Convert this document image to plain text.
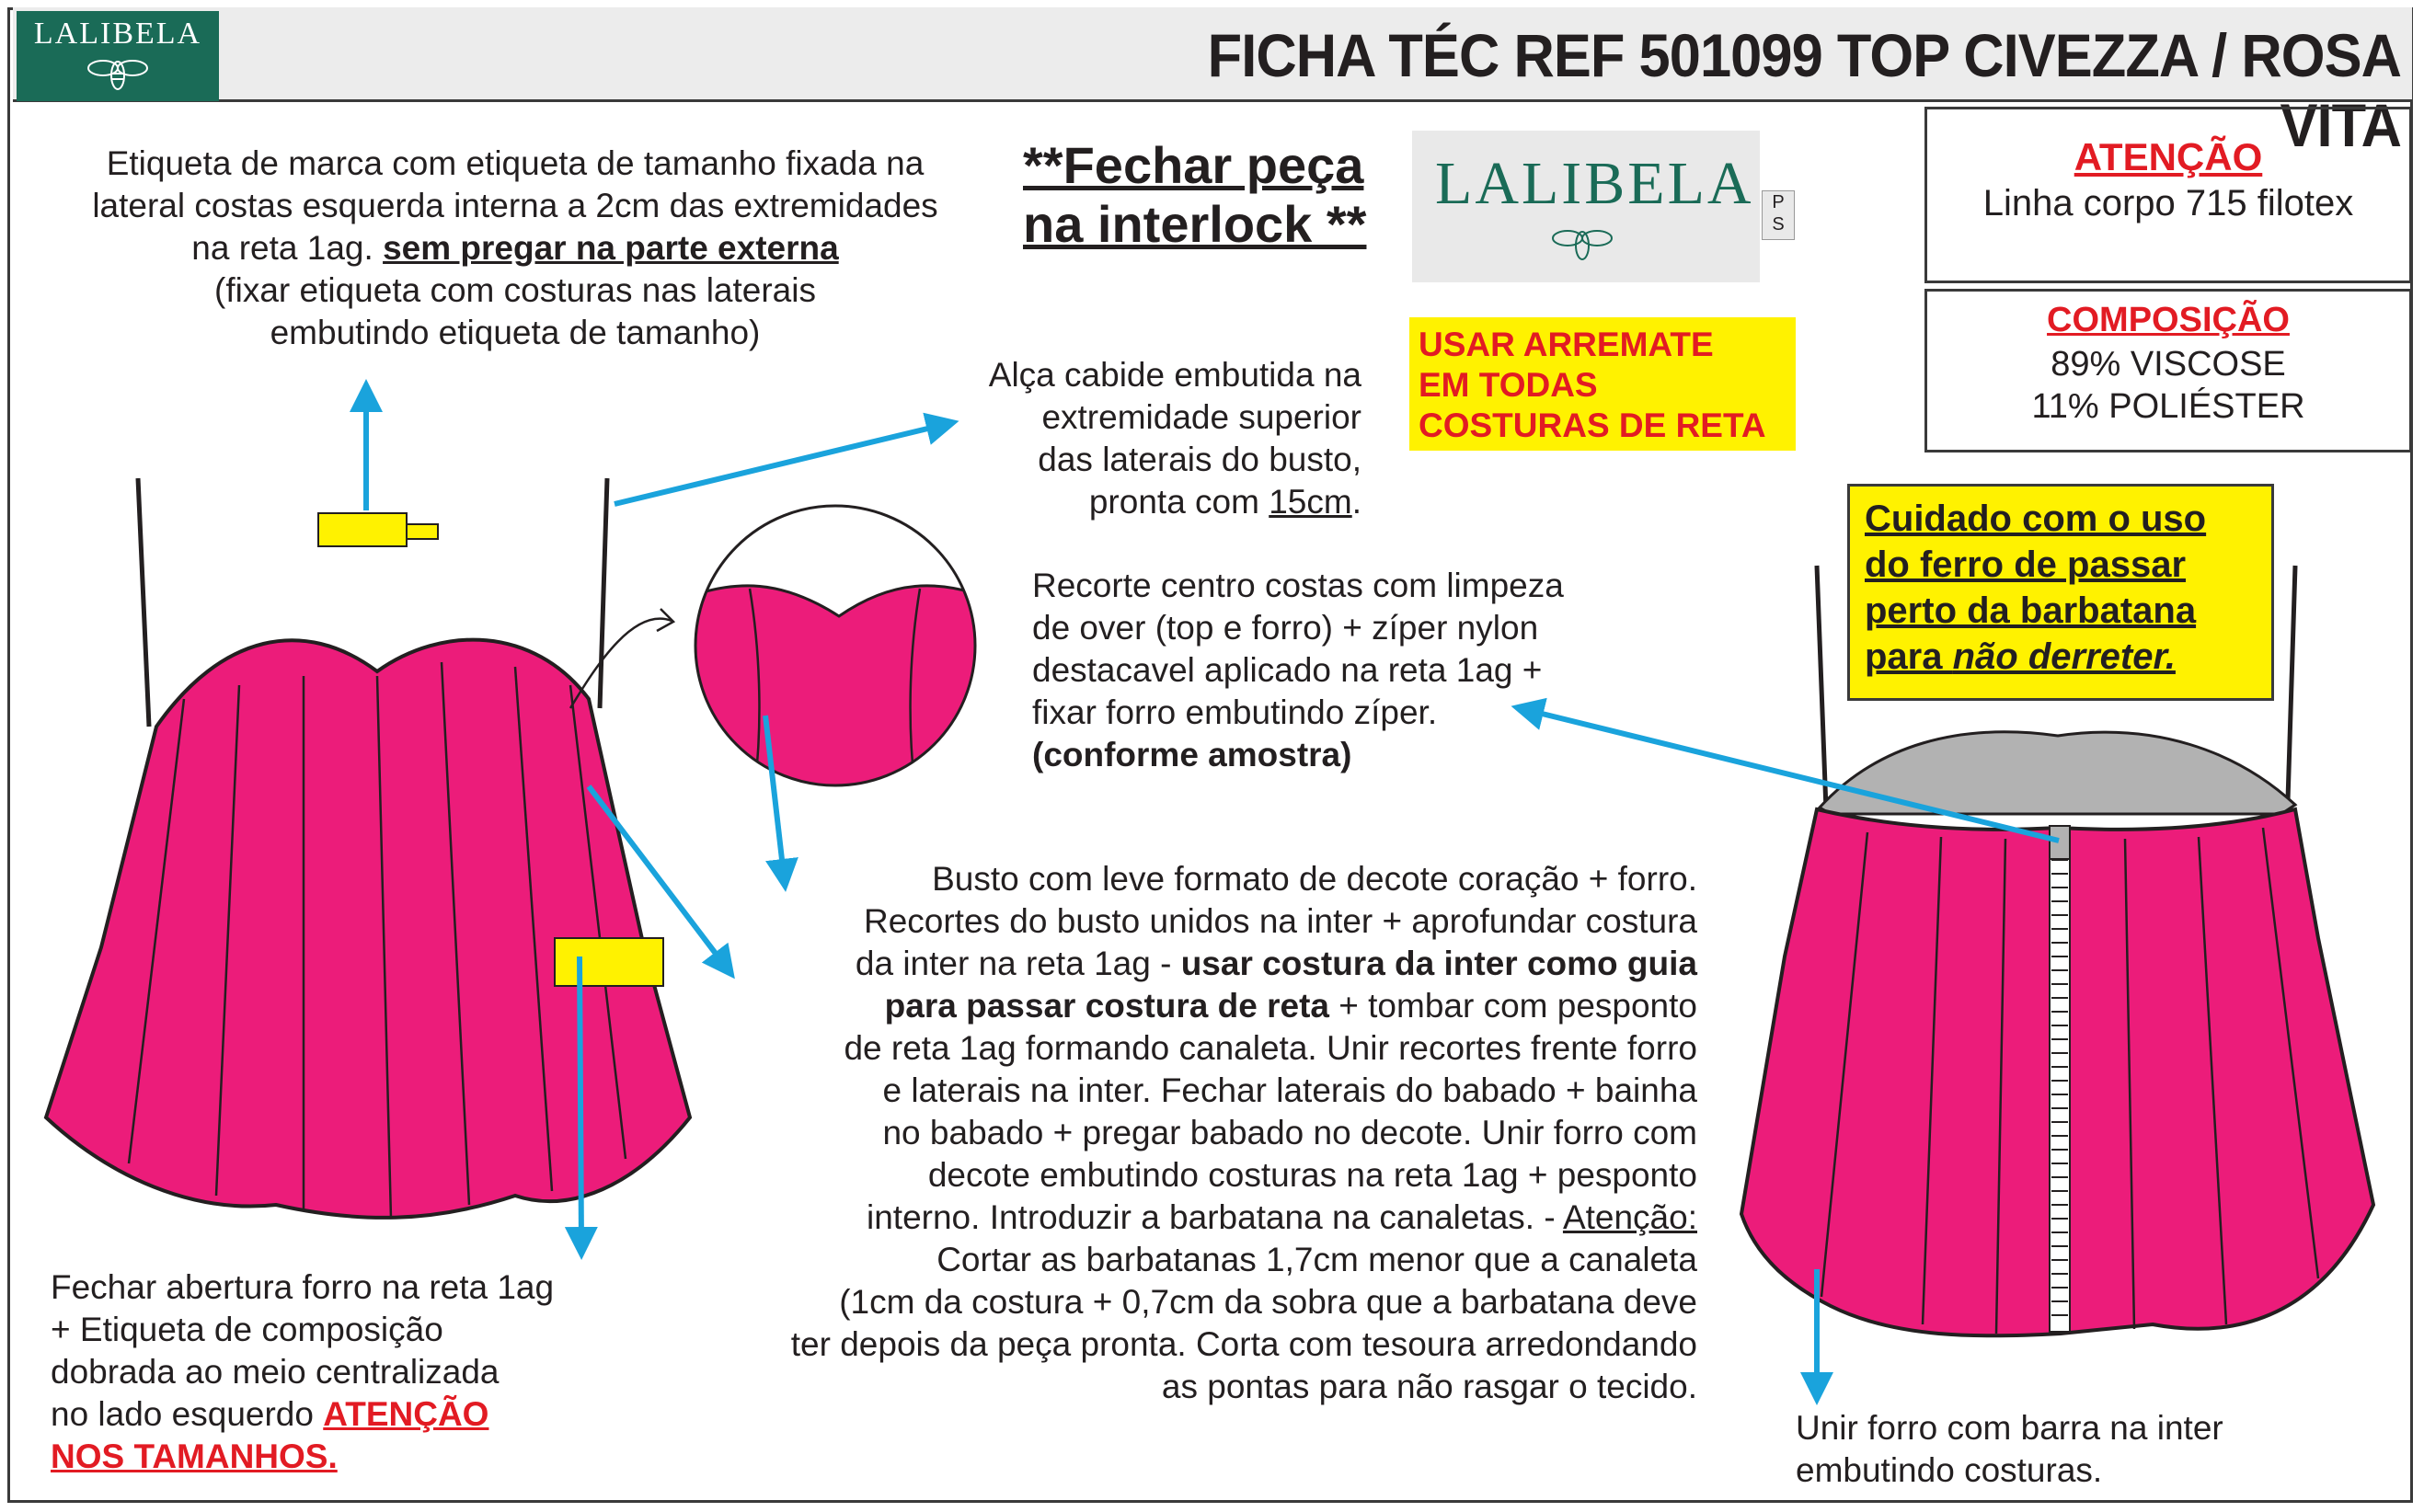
LALIBELA	FICHA TÉC REF 501099 TOP CIVEZZA / ROSA VITA
Etiqueta de marca com etiqueta de tamanho fixada na
lateral costas esquerda interna a 2cm das extremidades
na reta 1ag. sem pregar na parte externa
(fixar etiqueta com costuras nas laterais
embutindo etiqueta de tamanho)
**Fechar peça
na interlock **
LALIBELA P
S
USAR ARREMATE
EM TODAS
COSTURAS DE RETA
ATENÇÃO
Linha corpo 715 filotex
COMPOSIÇÃO
89% VISCOSE
11% POLIÉSTER
Alça cabide embutida na
extremidade superior
das laterais do busto,
pronta com 15cm.
Recorte centro costas com limpeza
de over (top e forro) + zíper nylon
destacavel aplicado na reta 1ag +
fixar forro embutindo zíper.
(conforme amostra)
Cuidado com o uso
do ferro de passar
perto da barbatana
para não derreter.
Busto com leve formato de decote coração + forro.
Recortes do busto unidos na inter + aprofundar costura
da inter na reta 1ag - usar costura da inter como guia
para passar costura de reta + tombar com pesponto
de reta 1ag formando canaleta. Unir recortes frente forro
e laterais na inter. Fechar laterais do babado + bainha
no babado + pregar babado no decote. Unir forro com
decote embutindo costuras na reta 1ag + pesponto
interno. Introduzir a barbatana na canaletas. - Atenção:
Cortar as barbatanas 1,7cm menor que a canaleta
(1cm da costura + 0,7cm da sobra que a barbatana deve
ter depois da peça pronta. Corta com tesoura arredondando
as pontas para não rasgar o tecido.
Fechar abertura forro na reta 1ag
+ Etiqueta de composição
dobrada ao meio centralizada
no lado esquerdo ATENÇÃO
NOS TAMANHOS.
Unir forro com barra na inter
embutindo costuras.
